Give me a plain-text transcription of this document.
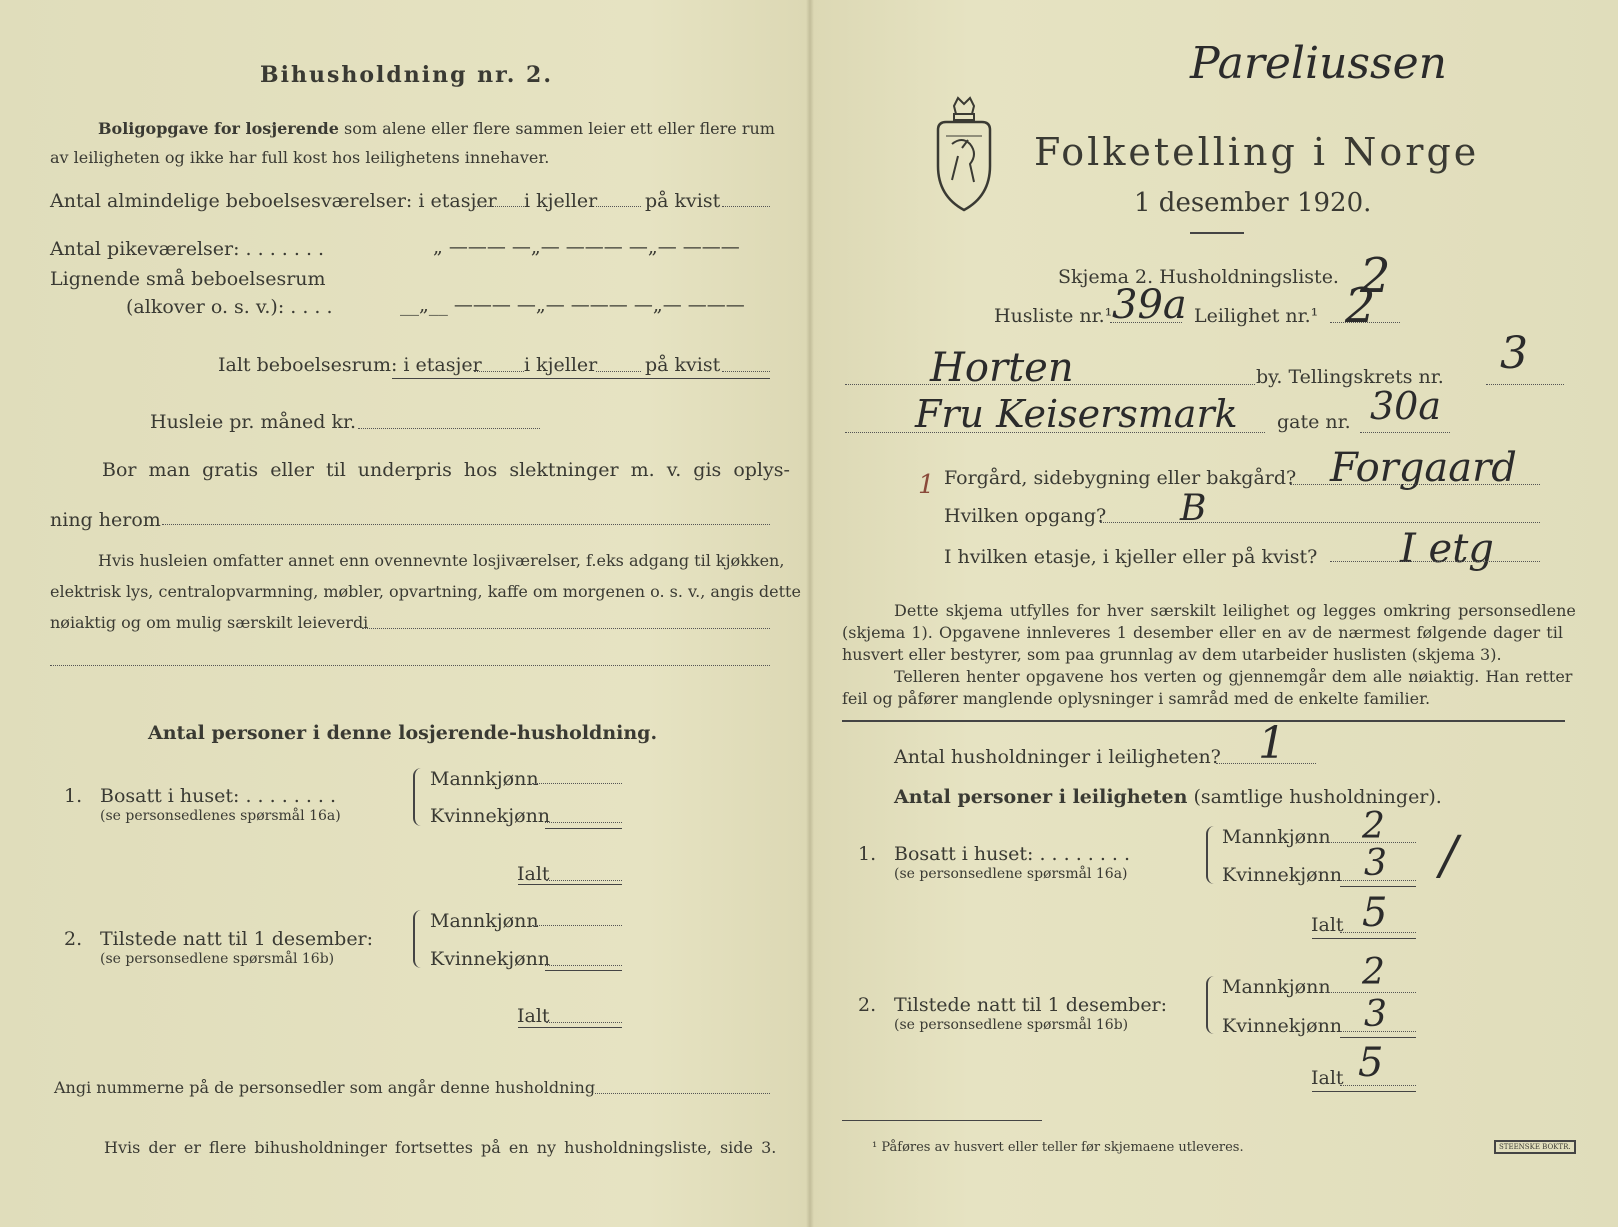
Bihusholdning nr. 2.
Boligopgave for losjerende som alene eller flere sammen leier ett eller flere rum
av leiligheten og ikke har full kost hos leilighetens innehaver.
Antal almindelige beboelsesværelser: i etasjer i kjeller	på kvist
Antal pikeværelser: . . . . . . .	„ ——— —„— ——— —„— ———
Lignende små beboelsesrum
(alkover o. s. v.): . . . .	__„__ ——— —„— ——— —„— ———
Ialt beboelsesrum: i etasjer i kjeller	på kvist
Husleie pr. måned kr.
Bor man gratis eller til underpris hos slektninger m. v. gis oplys-
ning herom
Hvis husleien omfatter annet enn ovennevnte losjiværelser, f.eks adgang til kjøkken,
elektrisk lys, centralopvarmning, møbler, opvartning, kaffe om morgenen o. s. v., angis dette
nøiaktig og om mulig særskilt leieverdi
Antal personer i denne losjerende-husholdning.
1. Bosatt i huset: . . . . . . . .
(se personsedlenes spørsmål 16a)
Mannkjønn
Kvinnekjønn
Ialt
2. Tilstede natt til 1 desember:
(se personsedlene spørsmål 16b)
Mannkjønn
Kvinnekjønn
Ialt
Angi nummerne på de personsedler som angår denne husholdning
Hvis der er flere bihusholdninger fortsettes på en ny husholdningsliste, side 3.
Pareliussen
Folketelling i Norge
1 desember 1920.
Skjema 2. Husholdningsliste. 2
Husliste nr.¹ 39a Leilighet nr.¹ 2
Horten	by. Tellingskrets nr. 3
Fru Keisersmark gate nr. 30a
1 Forgård, sidebygning eller bakgård? Forgaard
Hvilken opgang? B
I hvilken etasje, i kjeller eller på kvist? I etg
Dette skjema utfylles for hver særskilt leilighet og legges omkring personsedlene
(skjema 1). Opgavene innleveres 1 desember eller en av de nærmest følgende dager til
husvert eller bestyrer, som paa grunnlag av dem utarbeider huslisten (skjema 3).
Telleren henter opgavene hos verten og gjennemgår dem alle nøiaktig. Han retter
feil og påfører manglende oplysninger i samråd med de enkelte familier.
Antal husholdninger i leiligheten? 1
Antal personer i leiligheten (samtlige husholdninger).
1. Bosatt i huset: . . . . . . . .
(se personsedlene spørsmål 16a)
Mannkjønn 2
Kvinnekjønn 3 /
Ialt 5
2. Tilstede natt til 1 desember:
(se personsedlene spørsmål 16b)
Mannkjønn 2
Kvinnekjønn 3
Ialt 5
¹ Påføres av husvert eller teller før skjemaene utleveres.	STEENSKE BOKTR.
